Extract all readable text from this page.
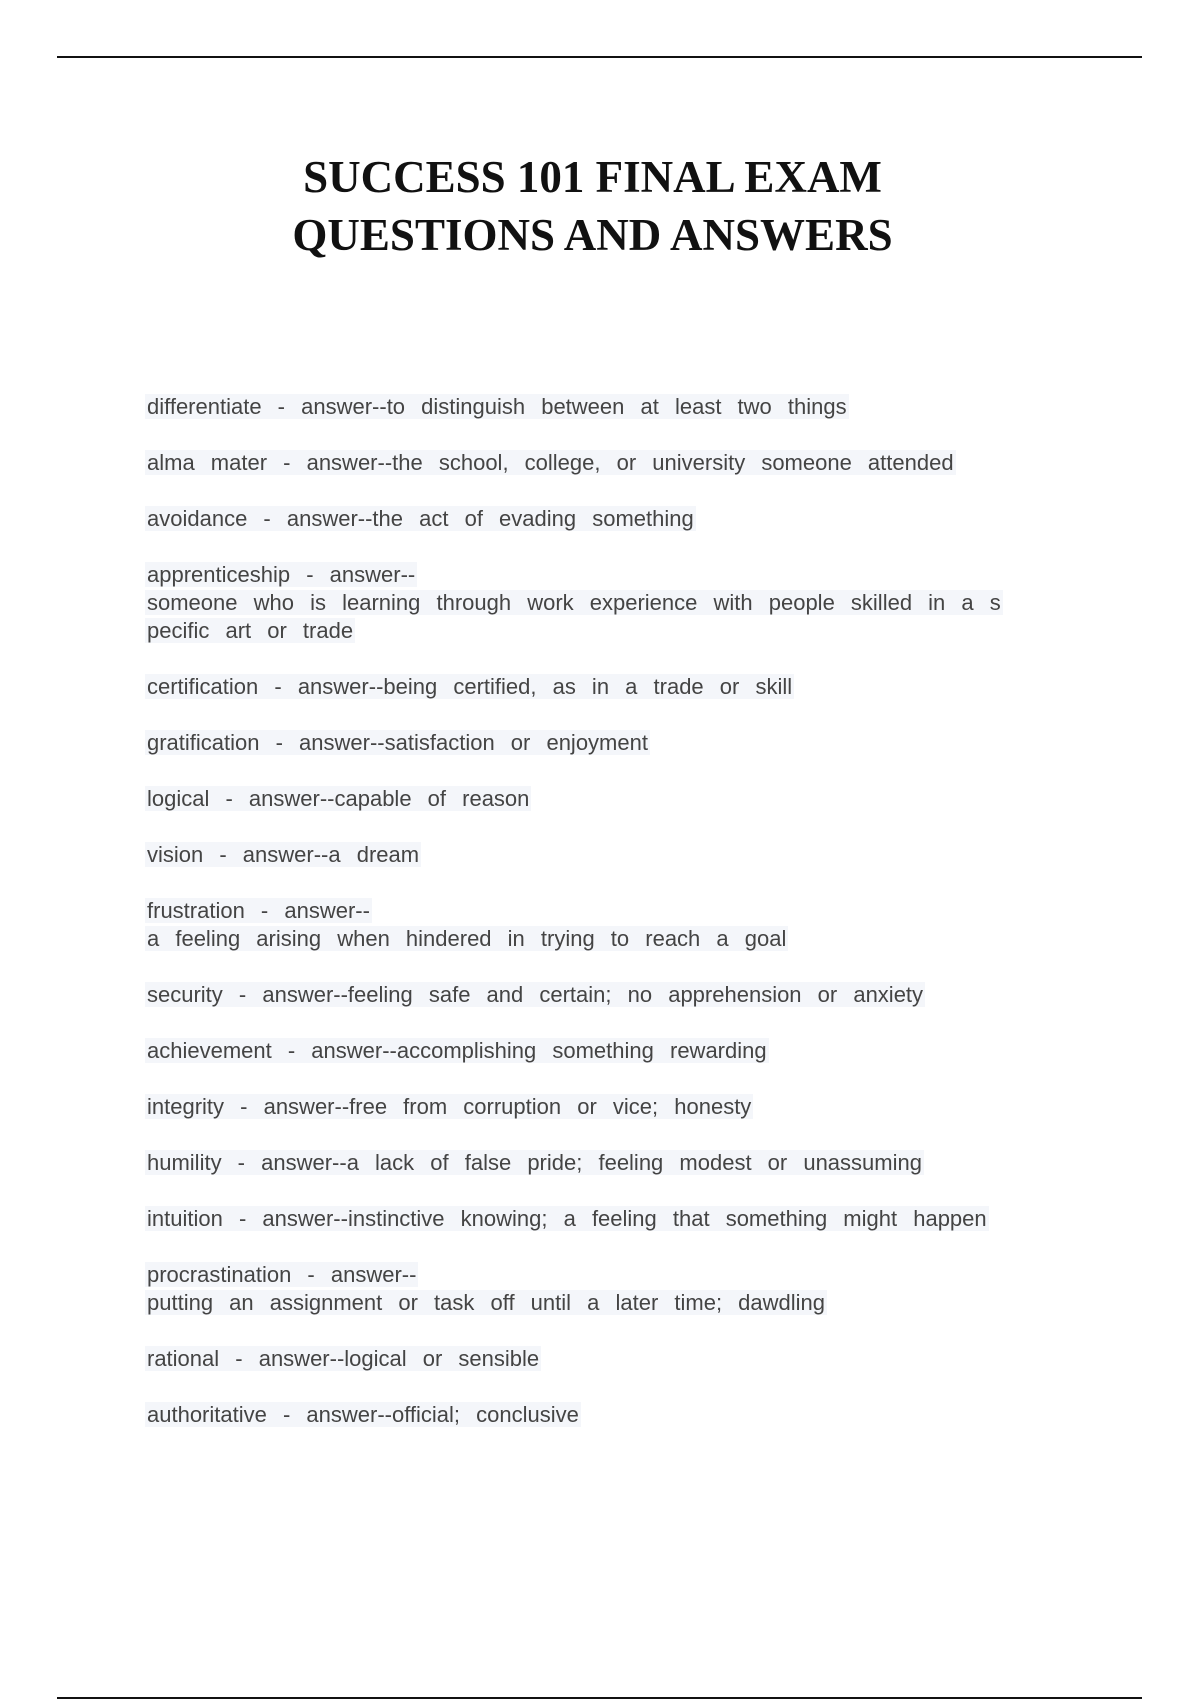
SUCCESS 101 FINAL EXAM
QUESTIONS AND ANSWERS
differentiate - answer--to distinguish between at least two things
alma mater - answer--the school, college, or university someone attended
avoidance - answer--the act of evading something
apprenticeship - answer--
someone who is learning through work experience with people skilled in a s
pecific art or trade
certification - answer--being certified, as in a trade or skill
gratification - answer--satisfaction or enjoyment
logical - answer--capable of reason
vision - answer--a dream
frustration - answer--
a feeling arising when hindered in trying to reach a goal
security - answer--feeling safe and certain; no apprehension or anxiety
achievement - answer--accomplishing something rewarding
integrity - answer--free from corruption or vice; honesty
humility - answer--a lack of false pride; feeling modest or unassuming
intuition - answer--instinctive knowing; a feeling that something might happen
procrastination - answer--
putting an assignment or task off until a later time; dawdling
rational - answer--logical or sensible
authoritative - answer--official; conclusive
